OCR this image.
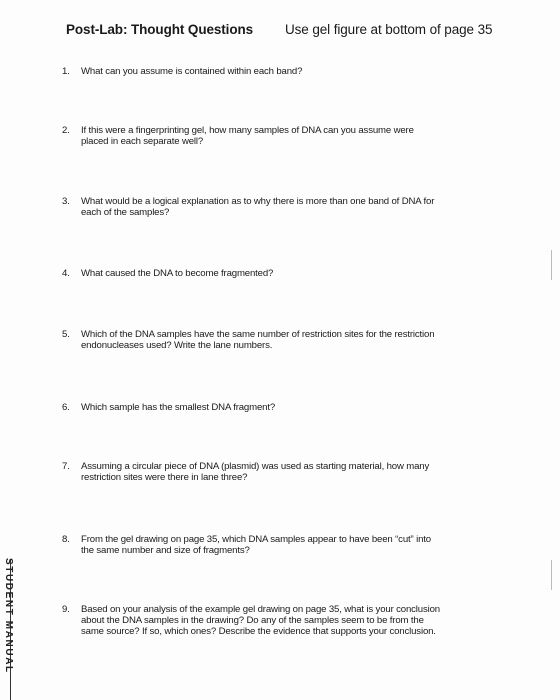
Post-Lab: Thought Questions Use gel figure at bottom of page 35
1.	What can you assume is contained within each band?
2.	If this were a fingerprinting gel, how many samples of DNA can you assume were
placed in each separate well?
3.	What would be a logical explanation as to why there is more than one band of DNA for
each of the samples?
4.	What caused the DNA to become fragmented?
5.	Which of the DNA samples have the same number of restriction sites for the restriction
endonucleases used? Write the lane numbers.
6.	Which sample has the smallest DNA fragment?
7.	Assuming a circular piece of DNA (plasmid) was used as starting material, how many
restriction sites were there in lane three?
8.	From the gel drawing on page 35, which DNA samples appear to have been “cut” into
the same number and size of fragments?
9.	Based on your analysis of the example gel drawing on page 35, what is your conclusion
about the DNA samples in the drawing? Do any of the samples seem to be from the
same source? If so, which ones? Describe the evidence that supports your conclusion.
STUDENT MANUAL
